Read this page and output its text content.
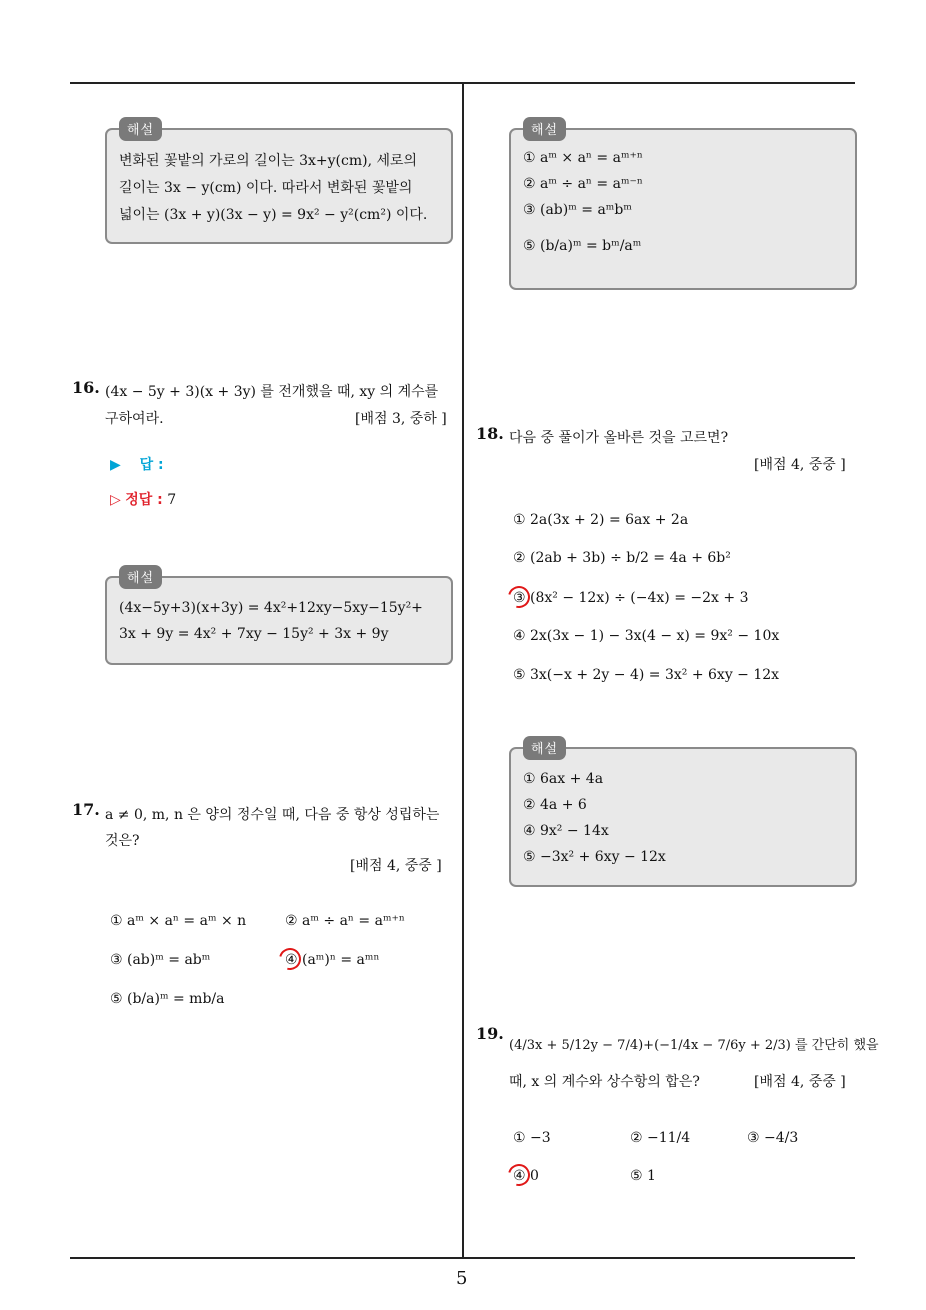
변화된 꽃밭의 가로의 길이는 3x+y(cm), 세로의
길이는 3x − y(cm) 이다. 따라서 변화된 꽃밭의
넓이는 (3x + y)(3x − y) = 9x² − y²(cm²) 이다.
해설
16. (4x − 5y + 3)(x + 3y) 를 전개했을 때, xy 의 계수를
구하여라.	[배점 3, 중하 ]
▶ 답 :
▷ 정답 : 7
(4x−5y+3)(x+3y) = 4x²+12xy−5xy−15y²+
3x + 9y = 4x² + 7xy − 15y² + 3x + 9y
해설
17. a ≠ 0, m, n 은 양의 정수일 때, 다음 중 항상 성립하는
것은?
[배점 4, 중중 ]
① aᵐ × aⁿ = aᵐ × n	② aᵐ ÷ aⁿ = aᵐ⁺ⁿ
③ (ab)ᵐ = abᵐ	④ (aᵐ)ⁿ = aᵐⁿ
⑤ (b/a)ᵐ = mb/a
① aᵐ × aⁿ = aᵐ⁺ⁿ
② aᵐ ÷ aⁿ = aᵐ⁻ⁿ
③ (ab)ᵐ = aᵐbᵐ
⑤ (b/a)ᵐ = bᵐ/aᵐ
해설
18. 다음 중 풀이가 올바른 것을 고르면?
[배점 4, 중중 ]
① 2a(3x + 2) = 6ax + 2a
② (2ab + 3b) ÷ b/2 = 4a + 6b²
③ (8x² − 12x) ÷ (−4x) = −2x + 3
④ 2x(3x − 1) − 3x(4 − x) = 9x² − 10x
⑤ 3x(−x + 2y − 4) = 3x² + 6xy − 12x
① 6ax + 4a
② 4a + 6
④ 9x² − 14x
⑤ −3x² + 6xy − 12x
해설
19.
(4/3x + 5/12y − 7/4)+(−1/4x − 7/6y + 2/3) 를 간단히 했을
때, x 의 계수와 상수항의 합은?	[배점 4, 중중 ]
① −3	② −11/4	③ −4/3
④ 0	⑤ 1
5
